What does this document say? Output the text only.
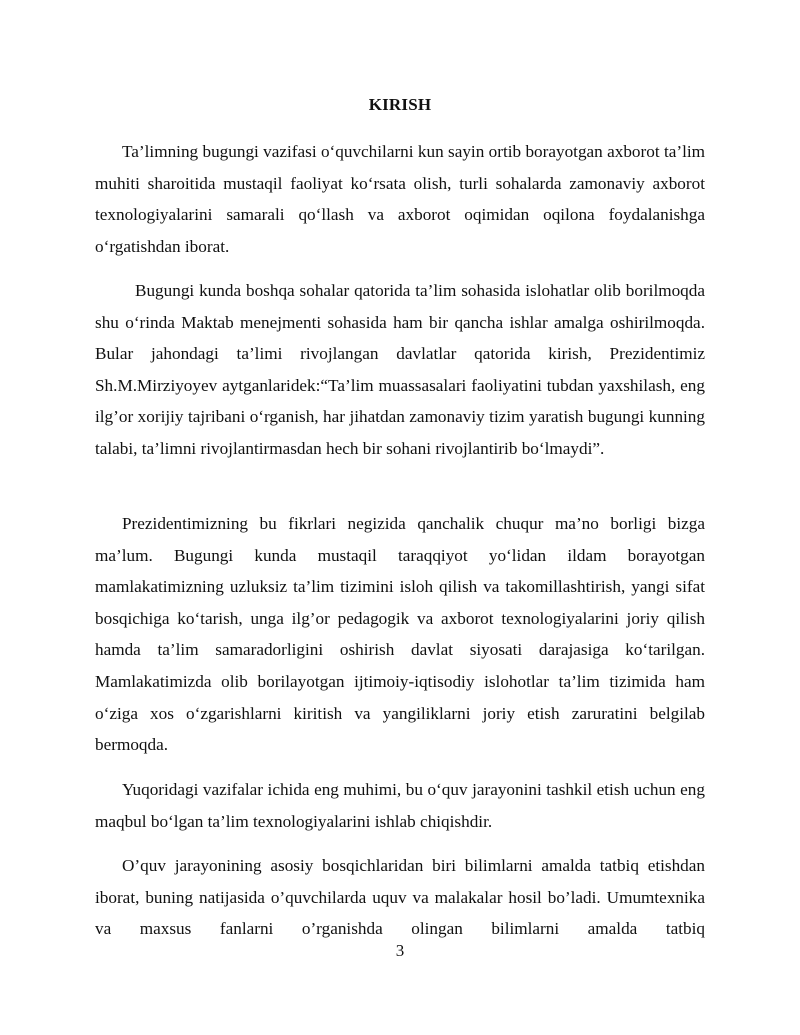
KIRISH

Ta’limning bugungi vazifasi o‘quvchilarni kun sayin ortib borayotgan axborot ta’lim muhiti sharoitida mustaqil faoliyat ko‘rsata olish, turli sohalarda zamonaviy axborot texnologiyalarini samarali qo‘llash va axborot oqimidan oqilona foydalanishga o‘rgatishdan iborat.

Bugungi kunda boshqa sohalar qatorida ta’lim sohasida islohatlar olib borilmoqda shu o‘rinda Maktab menejmenti sohasida ham bir qancha ishlar amalga oshirilmoqda. Bular jahondagi ta’limi rivojlangan davlatlar qatorida kirish, Prezidentimiz Sh.M.Mirziyoyev aytganlaridek:“Ta’lim muassasalari faoliyatini tubdan yaxshilash, eng ilg’or xorijiy tajribani o‘rganish, har jihatdan zamonaviy tizim yaratish bugungi kunning talabi, ta’limni rivojlantirmasdan hech bir sohani rivojlantirib bo‘lmaydi”.

Prezidentimizning bu fikrlari negizida qanchalik chuqur ma’no borligi bizga ma’lum. Bugungi kunda mustaqil taraqqiyot yo‘lidan ildam borayotgan mamlakatimizning uzluksiz ta’lim tizimini isloh qilish va takomillashtirish, yangi sifat bosqichiga ko‘tarish, unga ilg’or pedagogik va axborot texnologiyalarini joriy qilish hamda ta’lim samaradorligini oshirish davlat siyosati darajasiga ko‘tarilgan. Mamlakatimizda olib borilayotgan ijtimoiy-iqtisodiy islohotlar ta’lim tizimida ham o‘ziga xos o‘zgarishlarni kiritish va yangiliklarni joriy etish zaruratini belgilab bermoqda.

Yuqoridagi vazifalar ichida eng muhimi, bu o‘quv jarayonini tashkil etish uchun eng maqbul bo‘lgan ta’lim texnologiyalarini ishlab chiqishdir.

O’quv jarayonining asosiy bosqichlaridan biri bilimlarni amalda tatbiq etishdan iborat, buning natijasida o’quvchilarda uquv va malakalar hosil bo’ladi. Umumtexnika va maxsus fanlarni o’rganishda olingan bilimlarni amalda tatbiq

3
